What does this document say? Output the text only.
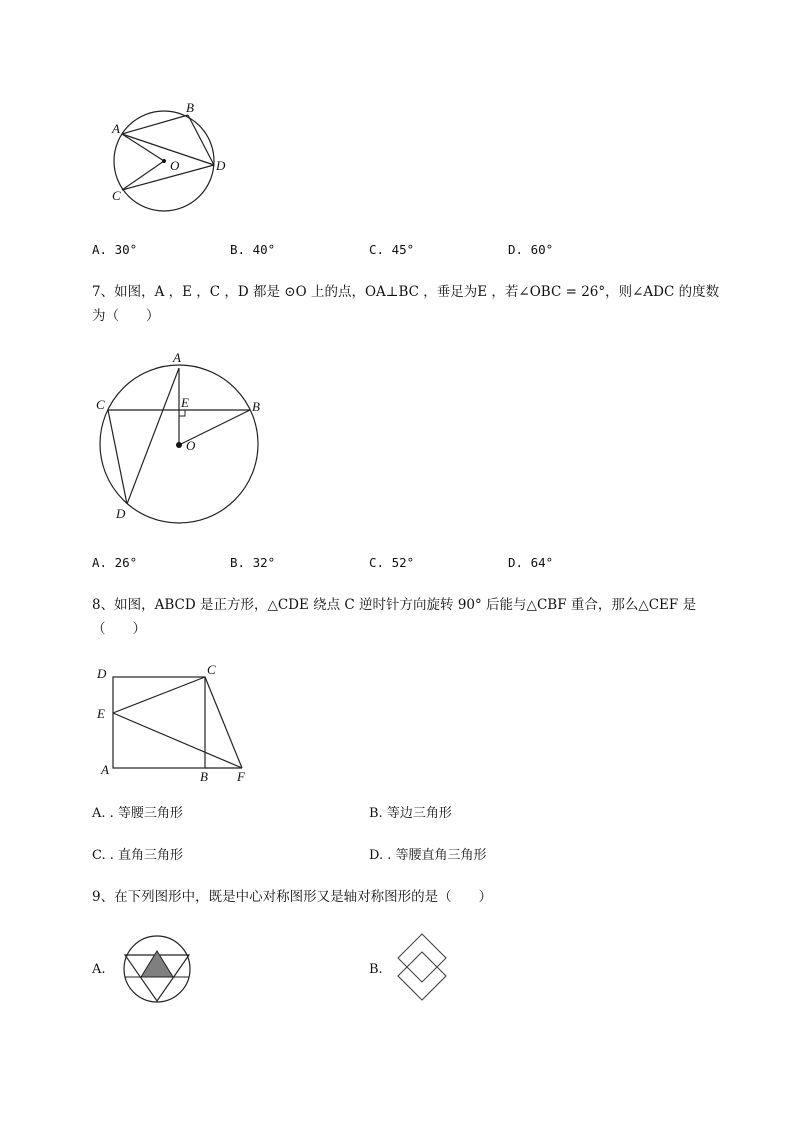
A
B
C
D
O
A. 30°	B. 40°	C. 45°	D. 60°
7、如图，A ，E ，C ，D 都是 ⊙O 上的点，OA⊥BC ，垂足为E ，若∠OBC = 26°，则∠ADC 的度数
为（　　）
A
B
C
D
E
O
A. 26°	B. 32°	C. 52°	D. 64°
8、如图，ABCD 是正方形，△CDE 绕点 C 逆时针方向旋转 90° 后能与△CBF 重合，那么△CEF 是
（　　）
A	B
C
D
E
F
A. . 等腰三角形	B. 等边三角形
C. . 直角三角形	D. . 等腰直角三角形
9、在下列图形中，既是中心对称图形又是轴对称图形的是（　　）
A.	B.
